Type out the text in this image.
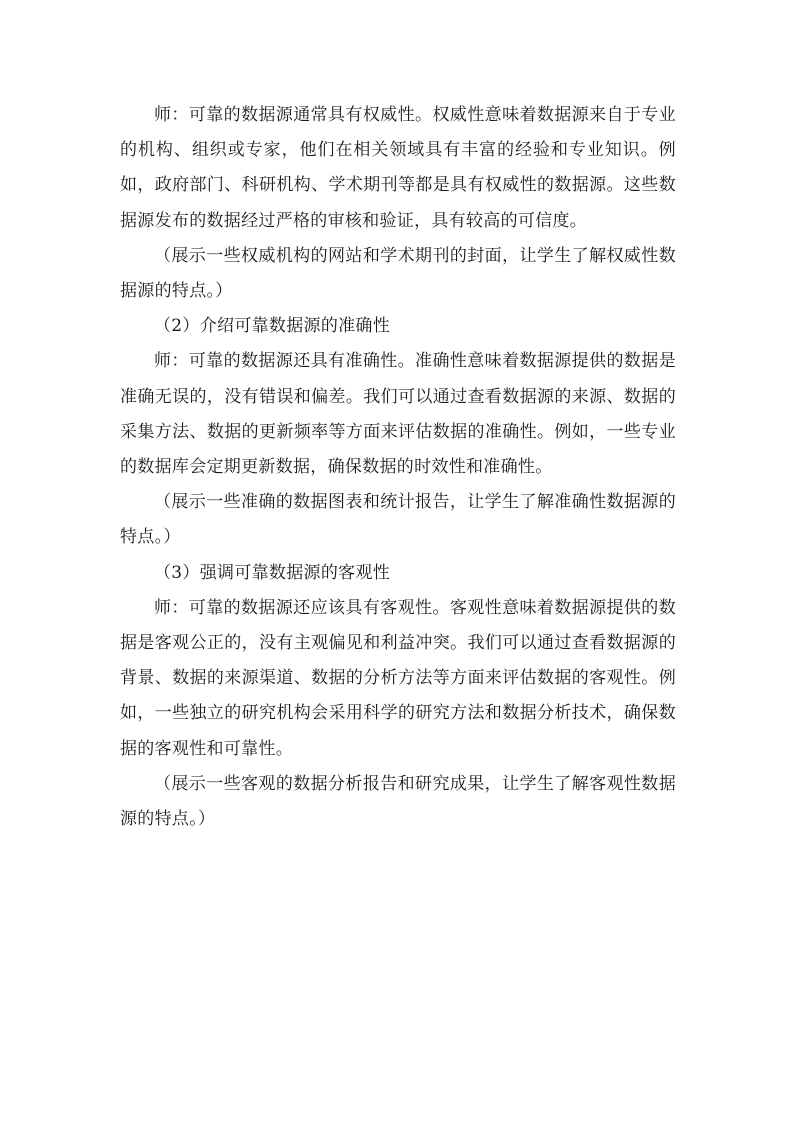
师：可靠的数据源通常具有权威性。权威性意味着数据源来自于专业的机构、组织或专家，他们在相关领域具有丰富的经验和专业知识。例如，政府部门、科研机构、学术期刊等都是具有权威性的数据源。这些数据源发布的数据经过严格的审核和验证，具有较高的可信度。

（展示一些权威机构的网站和学术期刊的封面，让学生了解权威性数据源的特点。）

（2）介绍可靠数据源的准确性

师：可靠的数据源还具有准确性。准确性意味着数据源提供的数据是准确无误的，没有错误和偏差。我们可以通过查看数据源的来源、数据的采集方法、数据的更新频率等方面来评估数据的准确性。例如，一些专业的数据库会定期更新数据，确保数据的时效性和准确性。

（展示一些准确的数据图表和统计报告，让学生了解准确性数据源的特点。）

（3）强调可靠数据源的客观性

师：可靠的数据源还应该具有客观性。客观性意味着数据源提供的数据是客观公正的，没有主观偏见和利益冲突。我们可以通过查看数据源的背景、数据的来源渠道、数据的分析方法等方面来评估数据的客观性。例如，一些独立的研究机构会采用科学的研究方法和数据分析技术，确保数据的客观性和可靠性。

（展示一些客观的数据分析报告和研究成果，让学生了解客观性数据源的特点。）
